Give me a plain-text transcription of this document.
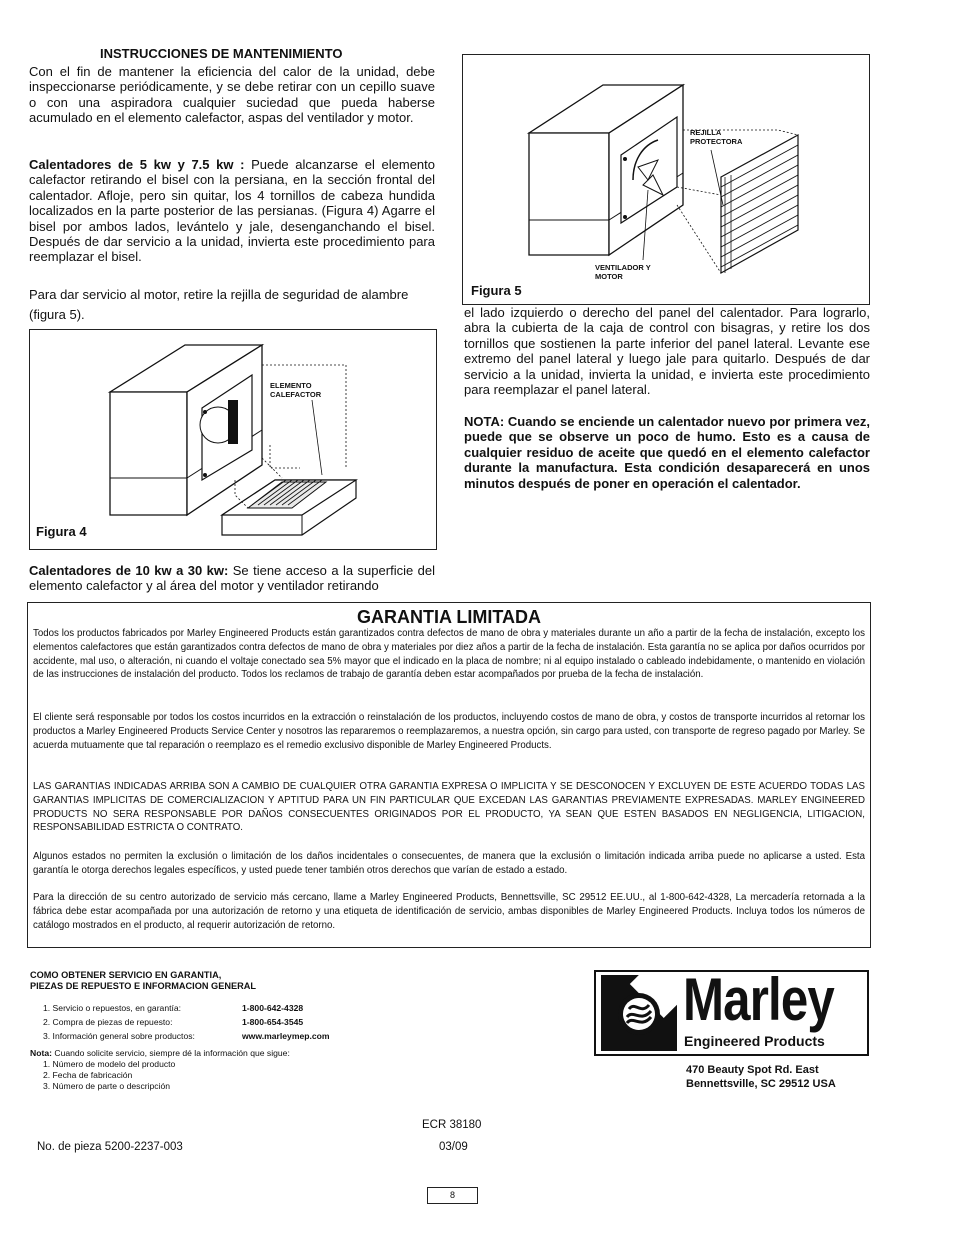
INSTRUCCIONES DE MANTENIMIENTO

Con el fin de mantener la eficiencia del calor de la unidad, debe inspeccionarse periódicamente, y se debe retirar con un cepillo suave o con una aspiradora cualquier suciedad que pueda haberse acumulado en el elemento calefactor, aspas del ventilador y motor.

Calentadores de 5 kw y 7.5 kw : Puede alcanzarse el elemento calefactor retirando el bisel con la persiana, en la sección frontal del calentador. Afloje, pero sin quitar, los 4 tornillos de cabeza hundida localizados en la parte posterior de las persianas. (Figura 4) Agarre el bisel por ambos lados, levántelo y jale, desenganchando el bisel. Después de dar servicio a la unidad, invierta este procedimiento para reemplazar el bisel.

Para dar servicio al motor, retire la rejilla de seguridad de alambre (figura 5).

ELEMENTO CALEFACTOR
Figura 4

Calentadores de 10 kw a 30 kw: Se tiene acceso a la superficie del elemento calefactor y al área del motor y ventilador retirando

REJILLA PROTECTORA
VENTILADOR Y MOTOR
Figura 5

el lado izquierdo o derecho del panel del calentador. Para lograrlo, abra la cubierta de la caja de control con bisagras, y retire los dos tornillos que sostienen la parte inferior del panel lateral. Levante ese extremo del panel lateral y luego jale para quitarlo. Después de dar servicio a la unidad, invierta la unidad, e invierta este procedimiento para reemplazar el panel lateral.

NOTA: Cuando se enciende un calentador nuevo por primera vez, puede que se observe un poco de humo. Esto es a causa de cualquier residuo de aceite que quedó en el elemento calefactor durante la manufactura. Esta condición desaparecerá en unos minutos después de poner en operación el calentador.

GARANTIA LIMITADA

Todos los productos fabricados por Marley Engineered Products están garantizados contra defectos de mano de obra y materiales durante un año a partir de la fecha de instalación, excepto los elementos calefactores que están garantizados contra defectos de mano de obra y materiales por diez años a partir de la fecha de instalación. Esta garantía no se aplica por daños ocurridos por accidente, mal uso, o alteración, ni cuando el voltaje conectado sea 5% mayor que el indicado en la placa de nombre; ni al equipo instalado o cableado indebidamente, o mantenido en violación de las instrucciones de instalación del producto. Todos los reclamos de trabajo de garantía deben estar acompañados por prueba de la fecha de instalación.

El cliente será responsable por todos los costos incurridos en la extracción o reinstalación de los productos, incluyendo costos de mano de obra, y costos de transporte incurridos al retornar los productos a Marley Engineered Products Service Center y nosotros las repararemos o reemplazaremos, a nuestra opción, sin cargo para usted, con transporte de regreso pagado por Marley. Se acuerda mutuamente que tal reparación o reemplazo es el remedio exclusivo disponible de Marley Engineered Products.

LAS GARANTIAS INDICADAS ARRIBA SON A CAMBIO DE CUALQUIER OTRA GARANTIA EXPRESA O IMPLICITA Y SE DESCONOCEN Y EXCLUYEN DE ESTE ACUERDO TODAS LAS GARANTIAS IMPLICITAS DE COMERCIALIZACION Y APTITUD PARA UN FIN PARTICULAR QUE EXCEDAN LAS GARANTIAS PREVIAMENTE EXPRESADAS. MARLEY ENGINEERED PRODUCTS NO SERA RESPONSABLE POR DAÑOS CONSECUENTES ORIGINADOS POR EL PRODUCTO, YA SEAN QUE ESTEN BASADOS EN NEGLIGENCIA, LITIGACION, RESPONSABILIDAD ESTRICTA O CONTRATO.

Algunos estados no permiten la exclusión o limitación de los daños incidentales o consecuentes, de manera que la exclusión o limitación indicada arriba puede no aplicarse a usted. Esta garantía le otorga derechos legales específicos, y usted puede tener también otros derechos que varían de estado a estado.

Para la dirección de su centro autorizado de servicio más cercano, llame a Marley Engineered Products, Bennettsville, SC 29512 EE.UU., al 1-800-642-4328, La mercadería retornada a la fábrica debe estar acompañada por una autorización de retorno y una etiqueta de identificación de servicio, ambas disponibles de Marley Engineered Products. Incluya todos los números de catálogo mostrados en el producto, al requerir autorización de retorno.

COMO OBTENER SERVICIO EN GARANTIA,
PIEZAS DE REPUESTO E INFORMACION GENERAL
1. Servicio o repuestos, en garantía:	1-800-642-4328
2. Compra de piezas de repuesto:	1-800-654-3545
3. Información general sobre productos:	www.marleymep.com
Nota: Cuando solicite servicio, siempre dé la información que sigue:
1. Número de modelo del producto
2. Fecha de fabricación
3. Número de parte o descripción
Marley
Engineered Products
470 Beauty Spot Rd. East
Bennettsville, SC 29512 USA
ECR 38180
No. de pieza 5200-2237-003	03/09
8
